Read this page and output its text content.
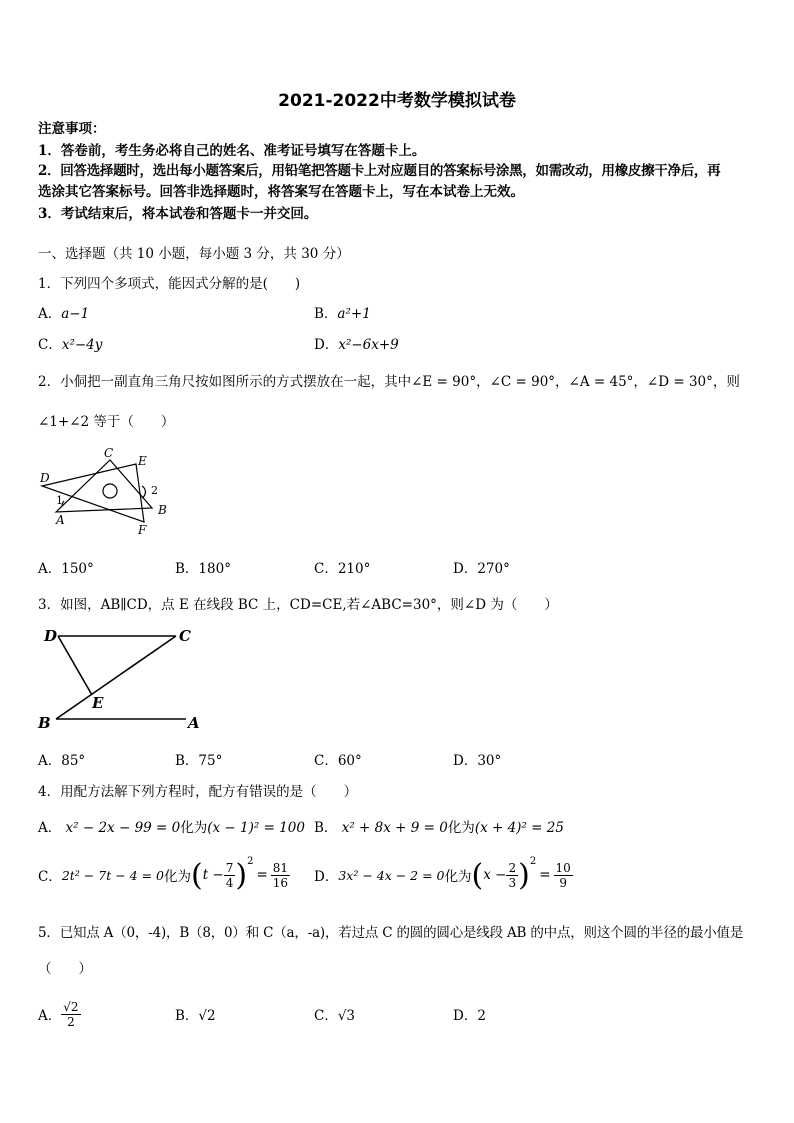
2021-2022中考数学模拟试卷
注意事项：
1．答卷前，考生务必将自己的姓名、准考证号填写在答题卡上。
2．回答选择题时，选出每小题答案后，用铅笔把答题卡上对应题目的答案标号涂黑，如需改动，用橡皮擦干净后，再
选涂其它答案标号。回答非选择题时，将答案写在答题卡上，写在本试卷上无效。
3．考试结束后，将本试卷和答题卡一并交回。
一、选择题（共 10 小题，每小题 3 分，共 30 分）
1．下列四个多项式，能因式分解的是(　　)
A．a−1	B．a²+1
C．x²−4y	D．x²−6x+9
2．小侗把一副直角三角尺按如图所示的方式摆放在一起，其中∠E = 90°，∠C = 90°，∠A = 45°，∠D = 30°，则
∠1+∠2 等于（　　）
C
E
D
1
2
A
B
F
A．150°	B．180°	C．210°	D．270°
3．如图，AB∥CD，点 E 在线段 BC 上，CD=CE,若∠ABC=30°，则∠D 为（　　）
D	C
E
B	A
A．85°	B．75°	C．60°	D．30°
4．用配方法解下列方程时，配方有错误的是（　　）
A． x² − 2x − 99 = 0化为(x − 1)² = 100 B． x² + 8x + 9 = 0化为(x + 4)² = 25
C． 2t² − 7t − 4 = 0 化为 ( $t - \frac{7}{4} )^2$
= $\frac{81}{16}$ D． 3x² − 4x − 2 = 0 化为 ( $x - \frac{2}{3} )^2$
= $\frac{10}{9}$
5．已知点 A（0，-4)，B（8，0）和 C（a，-a)，若过点 C 的圆的圆心是线段 AB 的中点，则这个圆的半径的最小值是
（　　）
A． $\frac{√2}{2}$	B．√2	C．√3	D．2
